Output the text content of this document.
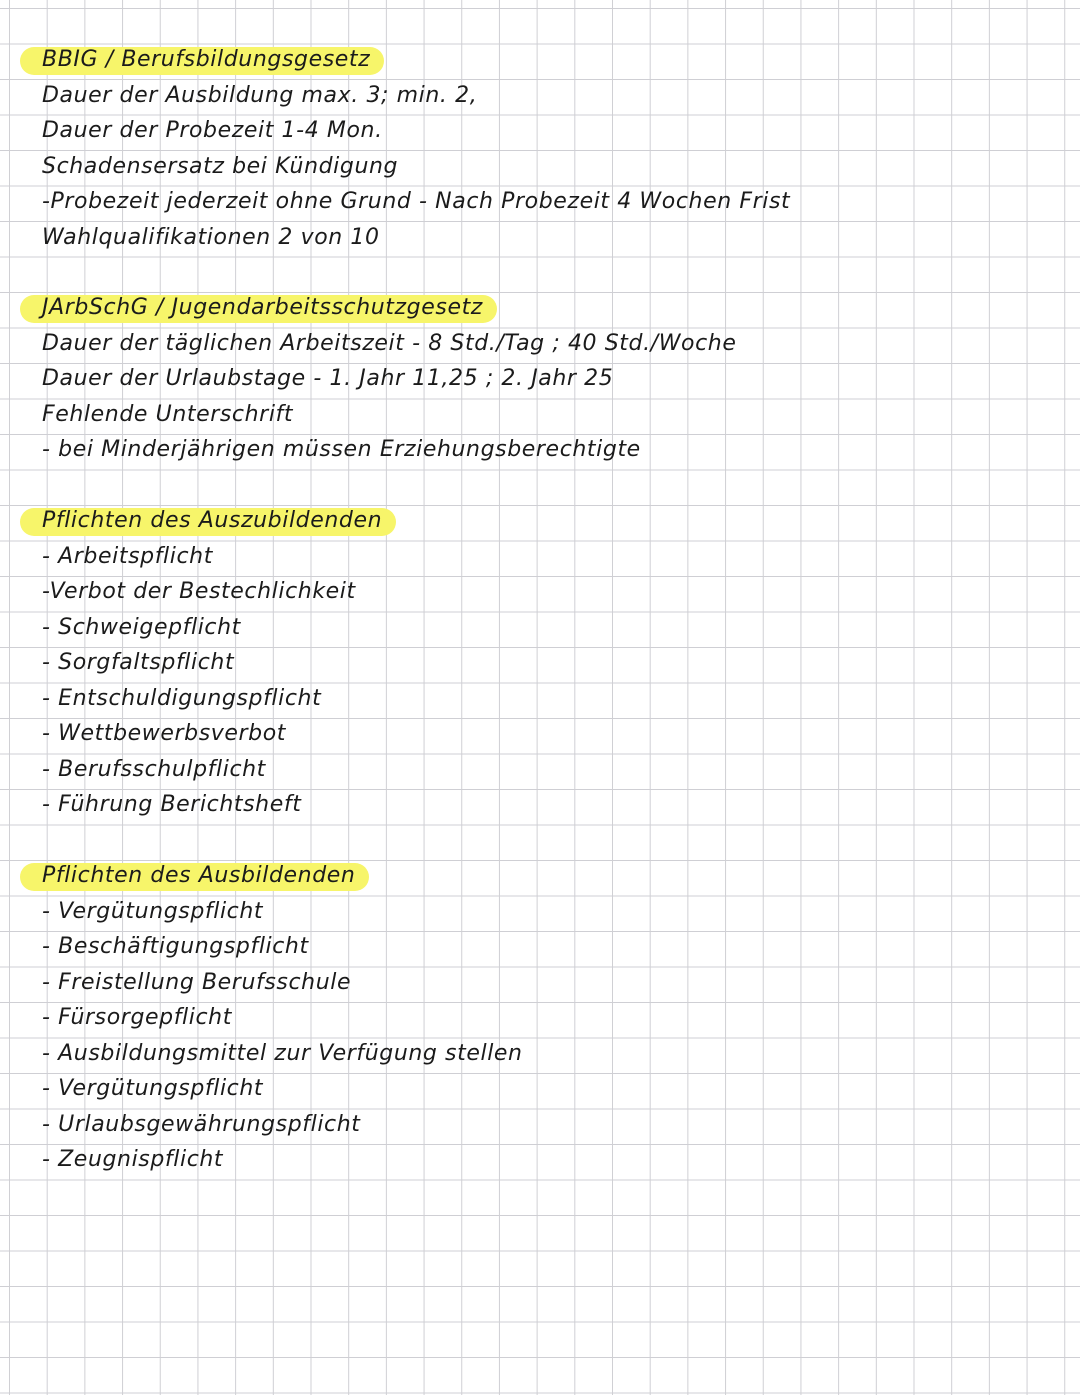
BBIG / Berufsbildungsgesetz
Dauer der Ausbildung max. 3; min. 2,
Dauer der Probezeit 1-4 Mon.
Schadensersatz bei Kündigung
-Probezeit jederzeit ohne Grund - Nach Probezeit 4 Wochen Frist
Wahlqualifikationen 2 von 10
JArbSchG / Jugendarbeitsschutzgesetz
Dauer der täglichen Arbeitszeit - 8 Std./Tag ; 40 Std./Woche
Dauer der Urlaubstage - 1. Jahr 11,25 ; 2. Jahr 25
Fehlende Unterschrift
- bei Minderjährigen müssen Erziehungsberechtigte
Pflichten des Auszubildenden
- Arbeitspflicht
-Verbot der Bestechlichkeit
- Schweigepflicht
- Sorgfaltspflicht
- Entschuldigungspflicht
- Wettbewerbsverbot
- Berufsschulpflicht
- Führung Berichtsheft
Pflichten des Ausbildenden
- Vergütungspflicht
- Beschäftigungspflicht
- Freistellung Berufsschule
- Fürsorgepflicht
- Ausbildungsmittel zur Verfügung stellen
- Vergütungspflicht
- Urlaubsgewährungspflicht
- Zeugnispflicht
